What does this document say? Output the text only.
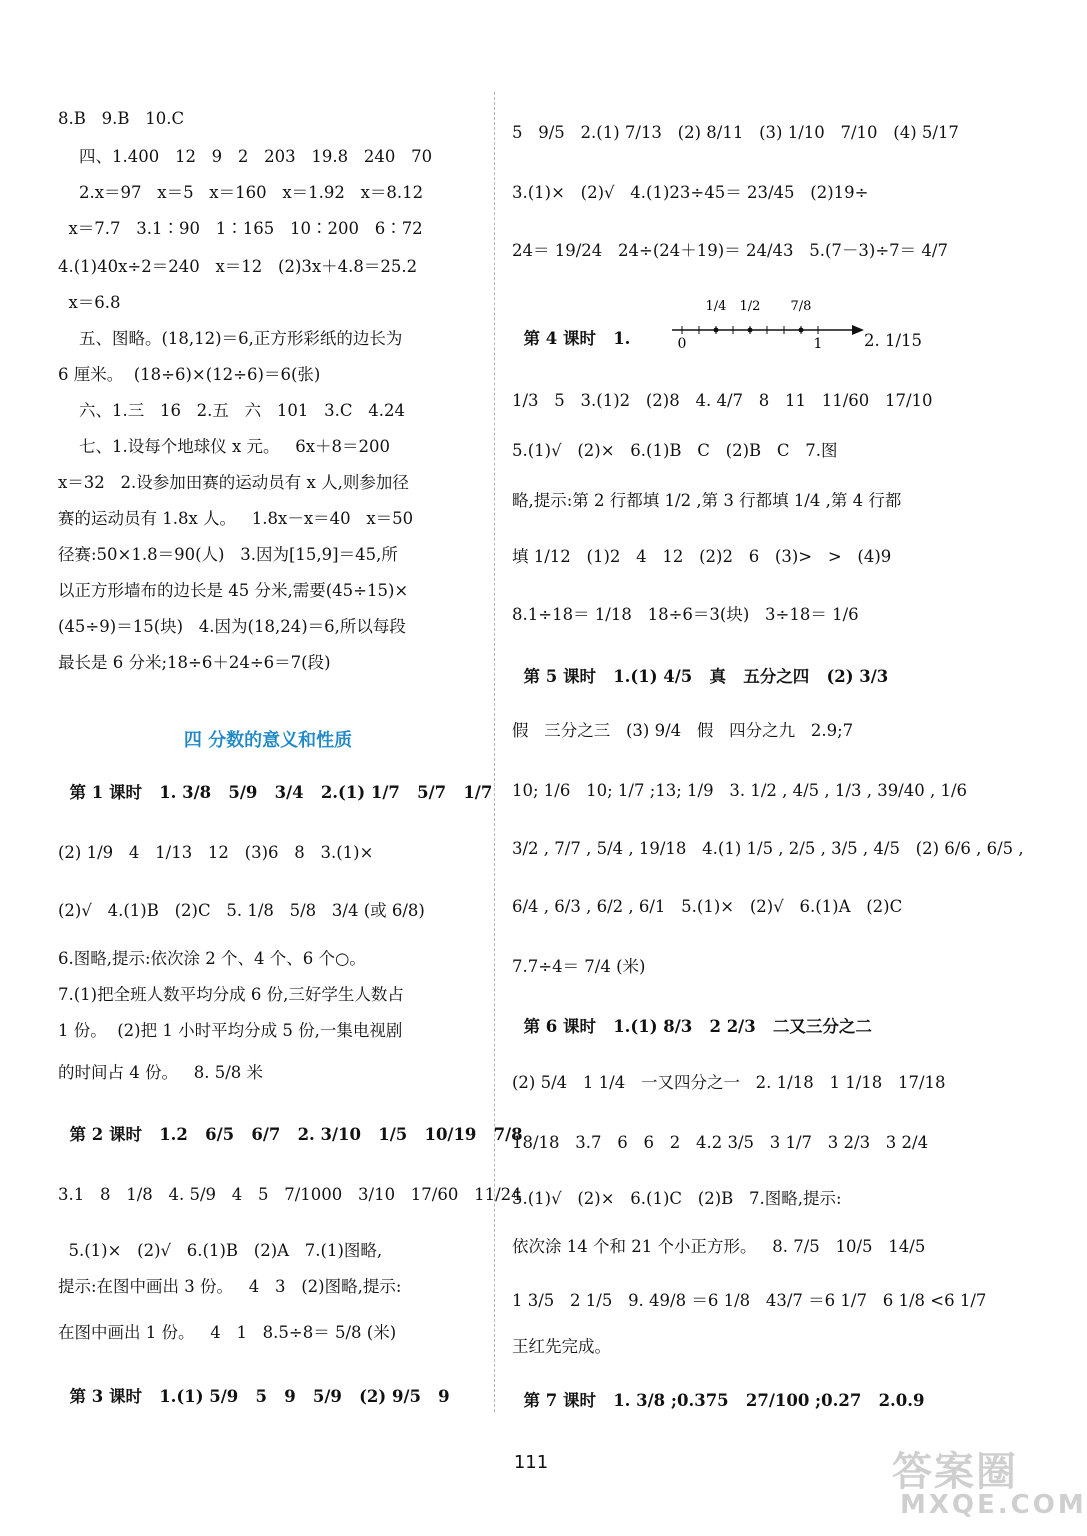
8.B   9.B   10.C
四、1.400   12   9   2   203   19.8   240   70
2.x＝97   x＝5   x＝160   x＝1.92   x＝8.12
x＝7.7   3.1∶90   1∶165   10∶200   6∶72
4.(1)40x÷2＝240   x＝12   (2)3x＋4.8＝25.2
x＝6.8
五、图略。(18,12)＝6,正方形彩纸的边长为
6 厘米。  (18÷6)×(12÷6)＝6(张)
六、1.三   16   2.五   六   101   3.C   4.24
七、1.设每个地球仪 x 元。   6x＋8＝200
x＝32   2.设参加田赛的运动员有 x 人,则参加径
赛的运动员有 1.8x 人。   1.8x－x＝40   x＝50
径赛:50×1.8＝90(人)   3.因为[15,9]＝45,所
以正方形墙布的边长是 45 分米,需要(45÷15)×
(45÷9)＝15(块)   4.因为(18,24)＝6,所以每段
最长是 6 分米;18÷6＋24÷6＝7(段)
四 分数的意义和性质
第 1 课时   1. 3/8   5/9   3/4   2.(1) 1/7   5/7   1/7
(2) 1/9   4   1/13   12   (3)6   8   3.(1)×
(2)√   4.(1)B   (2)C   5. 1/8   5/8   3/4 (或 6/8)
6.图略,提示:依次涂 2 个、4 个、6 个○。
7.(1)把全班人数平均分成 6 份,三好学生人数占
1 份。  (2)把 1 小时平均分成 5 份,一集电视剧
的时间占 4 份。   8. 5/8 米
第 2 课时   1.2   6/5   6/7   2. 3/10   1/5   10/19   7/8
3.1   8   1/8   4. 5/9   4   5   7/1000   3/10   17/60   11/24
5.(1)×   (2)√   6.(1)B   (2)A   7.(1)图略,
提示:在图中画出 3 份。   4   3   (2)图略,提示:
在图中画出 1 份。   4   1   8.5÷8＝ 5/8 (米)
第 3 课时   1.(1) 5/9   5   9   5/9   (2) 9/5   9
1/4 1/2 7/8
0	1	2. 1/15
5   9/5   2.(1) 7/13   (2) 8/11   (3) 1/10   7/10   (4) 5/17
3.(1)×   (2)√   4.(1)23÷45＝ 23/45   (2)19÷
24＝ 19/24   24÷(24＋19)＝ 24/43   5.(7－3)÷7＝ 4/7
第 4 课时   1.
1/3   5   3.(1)2   (2)8   4. 4/7   8   11   11/60   17/10
5.(1)√   (2)×   6.(1)B   C   (2)B   C   7.图
略,提示:第 2 行都填 1/2 ,第 3 行都填 1/4 ,第 4 行都
填 1/12   (1)2   4   12   (2)2   6   (3)>   >   (4)9
8.1÷18＝ 1/18   18÷6＝3(块)   3÷18＝ 1/6
第 5 课时   1.(1) 4/5   真   五分之四   (2) 3/3
假   三分之三   (3) 9/4   假   四分之九   2.9;7
10; 1/6   10; 1/7 ;13; 1/9   3. 1/2 , 4/5 , 1/3 , 39/40 , 1/6
3/2 , 7/7 , 5/4 , 19/18   4.(1) 1/5 , 2/5 , 3/5 , 4/5   (2) 6/6 , 6/5 ,
6/4 , 6/3 , 6/2 , 6/1   5.(1)×   (2)√   6.(1)A   (2)C
7.7÷4＝ 7/4 (米)
第 6 课时   1.(1) 8/3   2 2/3   二又三分之二
(2) 5/4   1 1/4   一又四分之一   2. 1/18   1 1/18   17/18
18/18   3.7   6   6   2   4.2 3/5   3 1/7   3 2/3   3 2/4
5.(1)√   (2)×   6.(1)C   (2)B   7.图略,提示:
依次涂 14 个和 21 个小正方形。   8. 7/5   10/5   14/5
1 3/5   2 1/5   9. 49/8 ＝6 1/8   43/7 ＝6 1/7   6 1/8 <6 1/7
王红先完成。
第 7 课时   1. 3/8 ;0.375   27/100 ;0.27   2.0.9
111	答案圈
MXQE.COM
